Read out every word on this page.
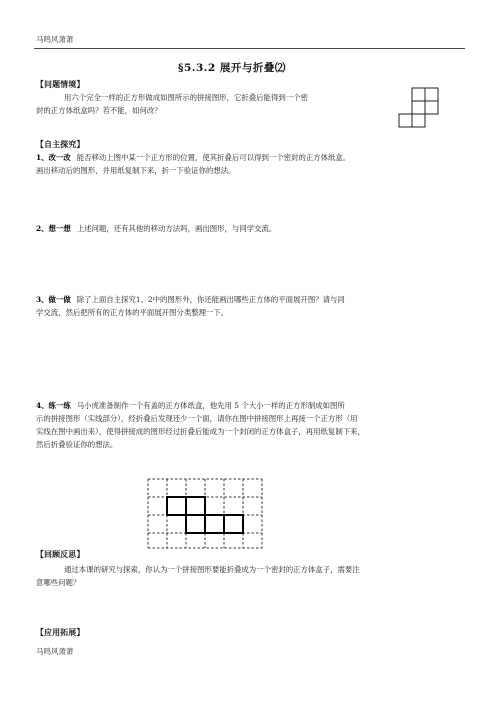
马鸣风萧萧
§5.3.2 展开与折叠⑵
【问题情境】
用六个完全一样的正方形做成如图所示的拼接图形，它折叠后能得到一个密
封的正方体纸盒吗？若不能，如何改？
【自主探究】
1、改一改 能否移动上图中某一个正方形的位置，使其折叠后可以得到一个密封的正方体纸盒。
画出移动后的图形，并用纸复制下来，折一下验证你的想法。
2、想一想 上述问题，还有其他的移动方法吗，画出图形，与同学交流。
3、做一做 除了上面自主探究1、2中的图形外，你还能画出哪些正方体的平面展开图？请与同
学交流，然后把所有的正方体的平面展开图分类整理一下。
4、练一练 马小虎准备制作一个有盖的正方体纸盒，他先用 5 个大小一样的正方形制成如图所
示的拼接图形（实线部分），经折叠后发现还少一个面，请你在图中拼接图形上再接一个正方形（用
实线在图中画出来），使得拼接成的图形经过折叠后能成为一个封闭的正方体盒子，再用纸复制下来，
然后折叠验证你的想法。
【回顾反思】
通过本课的研究与探索，你认为一个拼接图形要能折叠成为一个密封的正方体盒子，需要注
意哪些问题？
【应用拓展】
马鸣风萧萧
